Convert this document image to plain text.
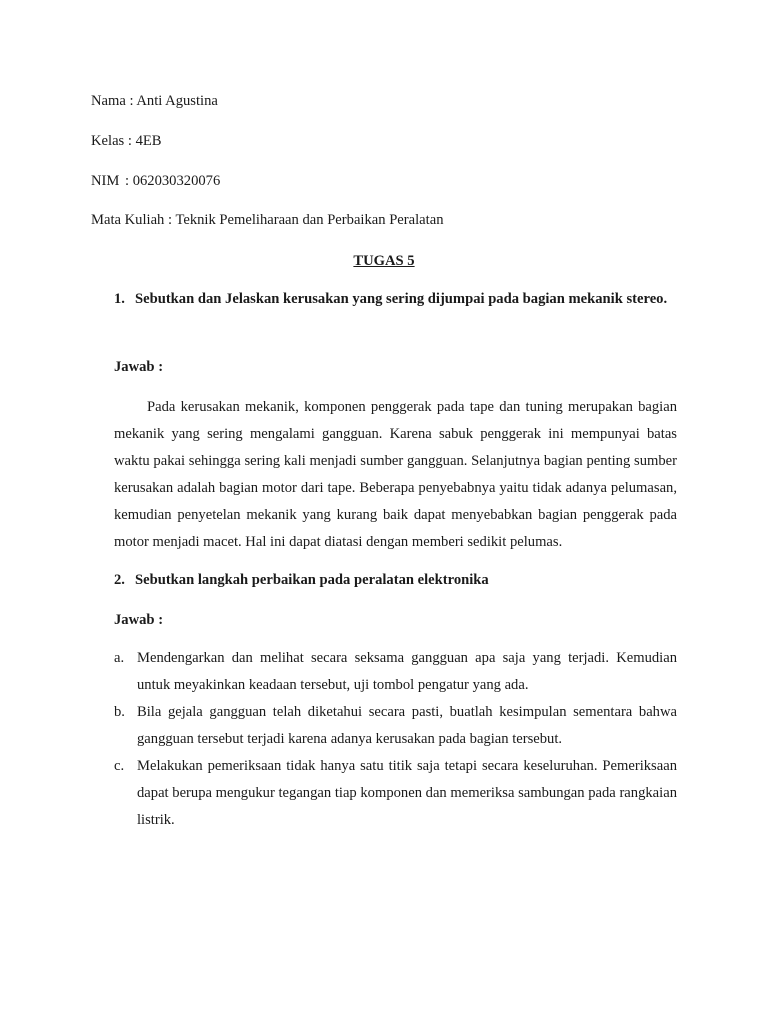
Nama : Anti Agustina
Kelas : 4EB
NIM : 062030320076
Mata Kuliah : Teknik Pemeliharaan dan Perbaikan Peralatan
TUGAS 5
1. Sebutkan dan Jelaskan kerusakan yang sering dijumpai pada bagian mekanik stereo.
Jawab :
Pada kerusakan mekanik, komponen penggerak pada tape dan tuning merupakan bagian mekanik yang sering mengalami gangguan. Karena sabuk penggerak ini mempunyai batas waktu pakai sehingga sering kali menjadi sumber gangguan. Selanjutnya bagian penting sumber kerusakan adalah bagian motor dari tape. Beberapa penyebabnya yaitu tidak adanya pelumasan, kemudian penyetelan mekanik yang kurang baik dapat menyebabkan bagian penggerak pada motor menjadi macet. Hal ini dapat diatasi dengan memberi sedikit pelumas.
2. Sebutkan langkah perbaikan pada peralatan elektronika
Jawab :
a. Mendengarkan dan melihat secara seksama gangguan apa saja yang terjadi. Kemudian untuk meyakinkan keadaan tersebut, uji tombol pengatur yang ada.
b. Bila gejala gangguan telah diketahui secara pasti, buatlah kesimpulan sementara bahwa gangguan tersebut terjadi karena adanya kerusakan pada bagian tersebut.
c. Melakukan pemeriksaan tidak hanya satu titik saja tetapi secara keseluruhan. Pemeriksaan dapat berupa mengukur tegangan tiap komponen dan memeriksa sambungan pada rangkaian listrik.
